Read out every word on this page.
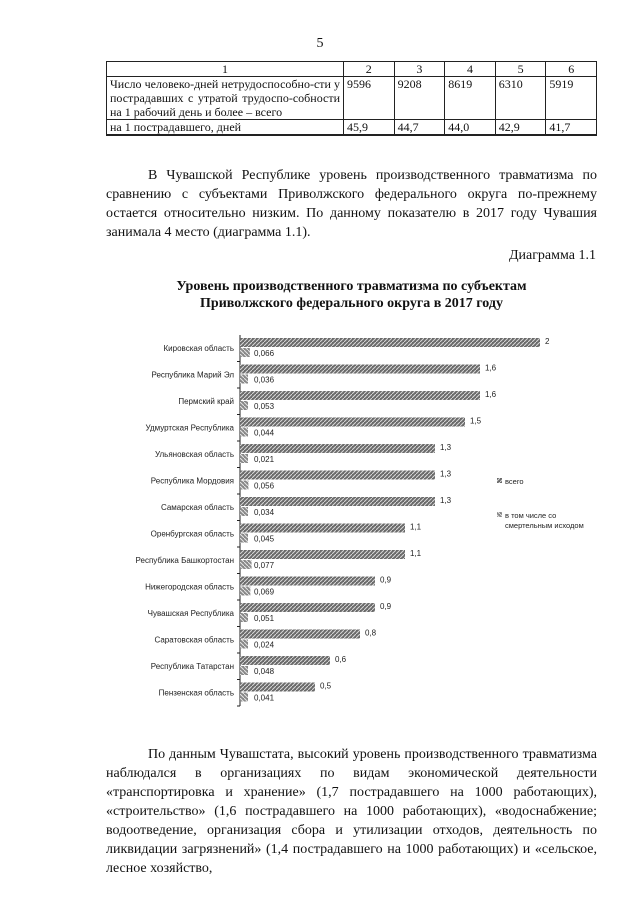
5
1	2	3	4	5	6
Число человеко-дней нетрудоспособно-сти у пострадавших с утратой трудоспо-собности на 1 рабочий день и более – всего	9596	9208	8619	6310	5919
на 1 пострадавшего, дней	45,9	44,7	44,0	42,9	41,7

В Чувашской Республике уровень производственного травматизма по сравнению с субъектами Приволжского федерального округа по-прежнему остается относительно низким. По данному показателю в 2017 году Чувашия занимала 4 место (диаграмма 1.1).

Диаграмма 1.1
Уровень производственного травматизма по субъектам
Приволжского федерального округа в 2017 году
Кировская область
2
0,066
Республика Марий Эл
1,6
0,036
Пермский край
1,6
0,053
Удмуртская Республика
1,5
0,044
Ульяновская область
1,3
0,021
Республика Мордовия
1,3
0,056
Самарская область
1,3
0,034
Оренбургская область
1,1
0,045
Республика Башкортостан
1,1
0,077
Нижегородская область
0,9
0,069
Чувашская Республика
0,9
0,051
Саратовская область
0,8
0,024
Республика Татарстан
0,6
0,048
Пензенская область
0,5
0,041
всего
в том числе со
смертельным исходом

По данным Чувашстата, высокий уровень производственного травматизма наблюдался в организациях по видам экономической деятельности «транспортировка и хранение» (1,7 пострадавшего на 1000 работающих), «строительство» (1,6 пострадавшего на 1000 работающих), «водоснабжение; водоотведение, организация сбора и утилизации отходов, деятельность по ликвидации загрязнений» (1,4 пострадавшего на 1000 работающих) и «сельское, лесное хозяйство,
